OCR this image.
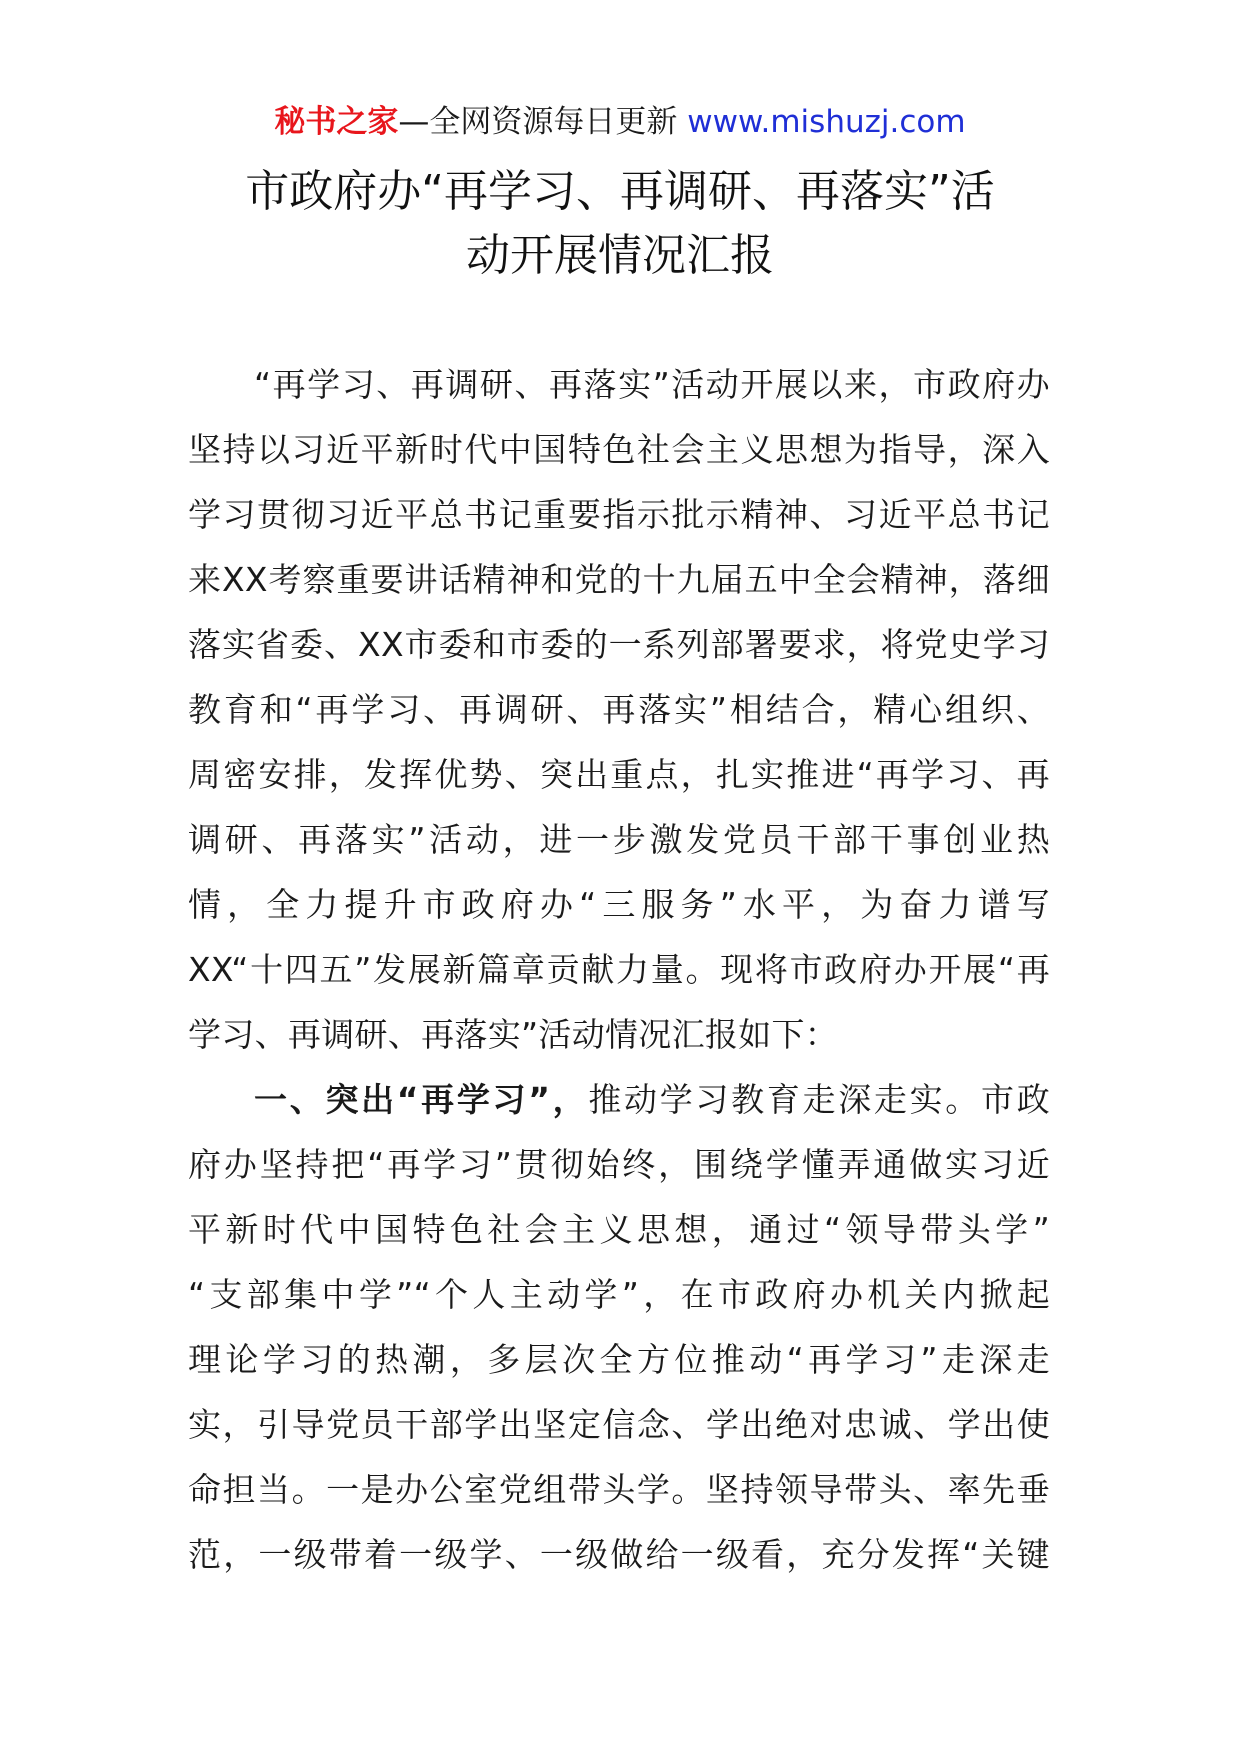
秘书之家—全网资源每日更新 www.mishuzj.com
市政府办“再学习、再调研、再落实”活
动开展情况汇报
“再学习、再调研、再落实”活动开展以来，市政府办
坚持以习近平新时代中国特色社会主义思想为指导，深入
学习贯彻习近平总书记重要指示批示精神、习近平总书记
来XX考察重要讲话精神和党的十九届五中全会精神，落细
落实省委、XX市委和市委的一系列部署要求，将党史学习
教育和“再学习、再调研、再落实”相结合，精心组织、
周密安排，发挥优势、突出重点，扎实推进“再学习、再
调研、再落实”活动，进一步激发党员干部干事创业热
情，全力提升市政府办“三服务”水平，为奋力谱写
XX“十四五”发展新篇章贡献力量。现将市政府办开展“再
学习、再调研、再落实”活动情况汇报如下：
一、突出“再学习”，推动学习教育走深走实。市政
府办坚持把“再学习”贯彻始终，围绕学懂弄通做实习近
平新时代中国特色社会主义思想，通过“领导带头学”
“支部集中学”“个人主动学”，在市政府办机关内掀起
理论学习的热潮，多层次全方位推动“再学习”走深走
实，引导党员干部学出坚定信念、学出绝对忠诚、学出使
命担当。一是办公室党组带头学。坚持领导带头、率先垂
范，一级带着一级学、一级做给一级看，充分发挥“关键
